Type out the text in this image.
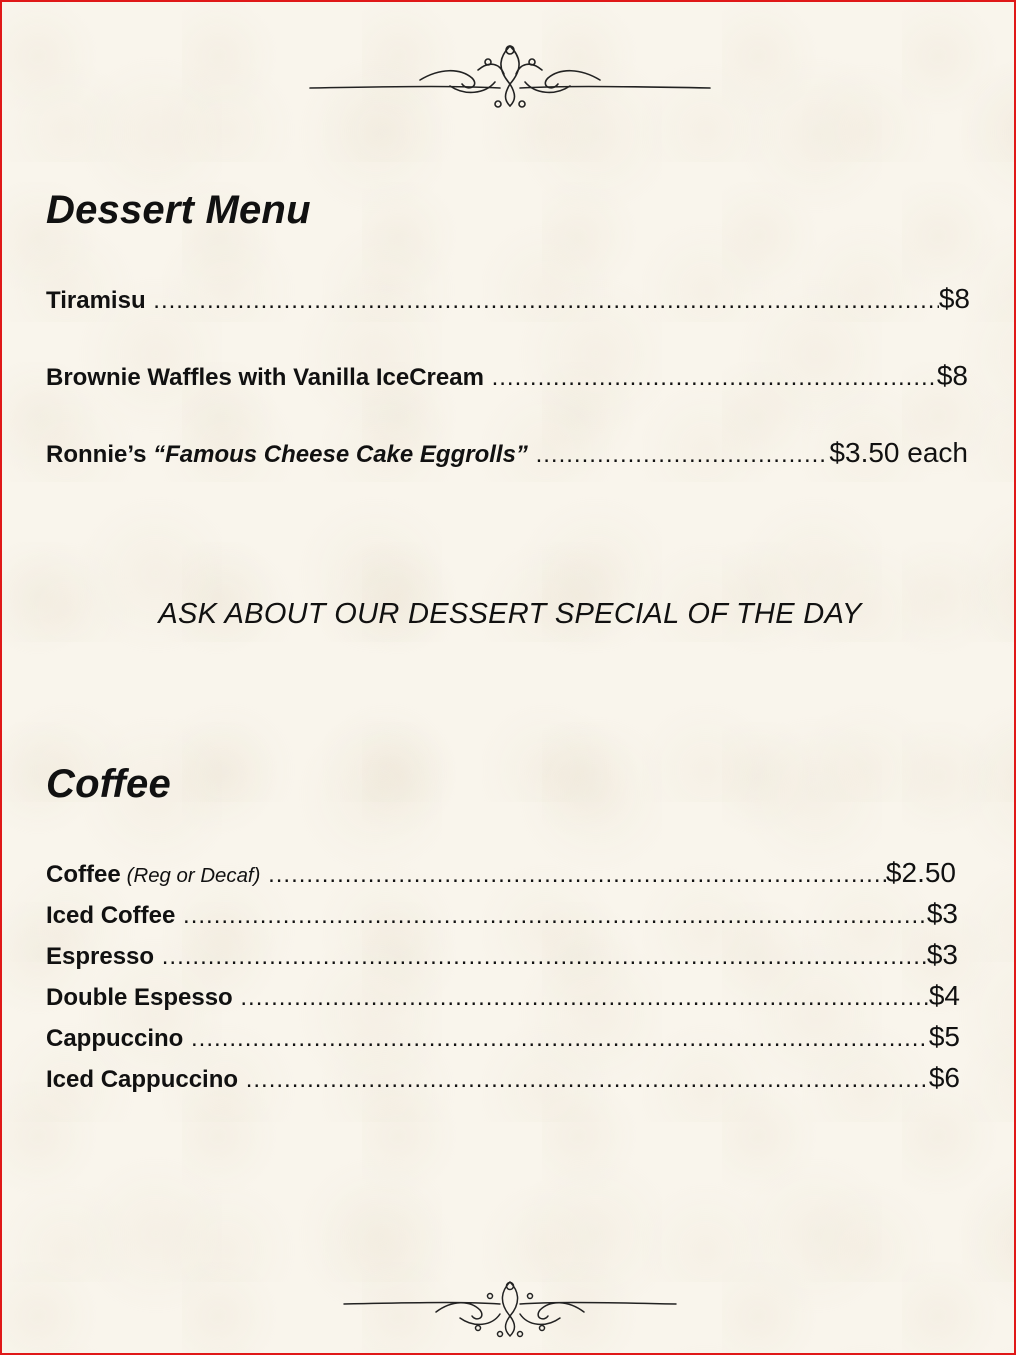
Dessert Menu
Tiramisu .....	$8
Brownie Waffles with Vanilla IceCream .....	$8
Ronnie’s “Famous Cheese Cake Eggrolls” .....	$3.50 each
ASK ABOUT OUR DESSERT SPECIAL OF THE DAY
Coffee
Coffee (Reg or Decaf) .....	$2.50
Iced Coffee .....	$3
Espresso .....	$3
Double Espesso .....	$4
Cappuccino .....	$5
Iced Cappuccino .....	$6
